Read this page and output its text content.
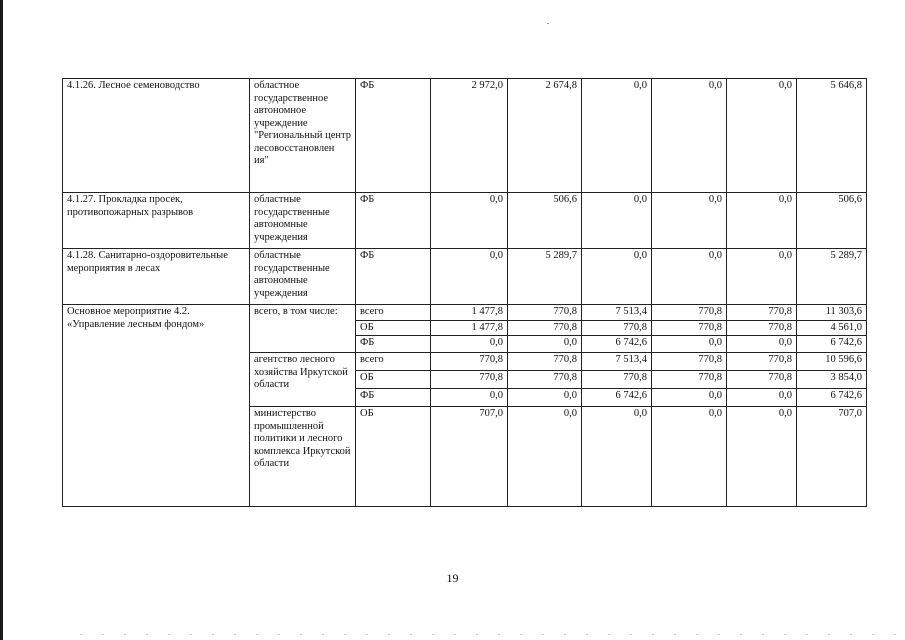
4.1.26. Лесное семеноводство	областное государственное автономное учреждение "Региональный центр лесовосстановлен ия"	ФБ	2 972,0	2 674,8	0,0	0,0	0,0	5 646,8
4.1.27. Прокладка просек, противопожарных разрывов	областные государственные автономные учреждения	ФБ	0,0	506,6	0,0	0,0	0,0	506,6
4.1.28. Санитарно-оздоровительные мероприятия в лесах	областные государственные автономные учреждения	ФБ	0,0	5 289,7	0,0	0,0	0,0	5 289,7
Основное мероприятие 4.2. «Управление лесным фондом»	всего, в том числе:	всего	1 477,8	770,8	7 513,4	770,8	770,8	11 303,6
		ОБ	1 477,8	770,8	770,8	770,8	770,8	4 561,0
		ФБ	0,0	0,0	6 742,6	0,0	0,0	6 742,6
	агентство лесного хозяйства Иркутской области	всего	770,8	770,8	7 513,4	770,8	770,8	10 596,6
		ОБ	770,8	770,8	770,8	770,8	770,8	3 854,0
		ФБ	0,0	0,0	6 742,6	0,0	0,0	6 742,6
	министерство промышленной политики и лесного комплекса Иркутской области	ОБ	707,0	0,0	0,0	0,0	0,0	707,0
19
